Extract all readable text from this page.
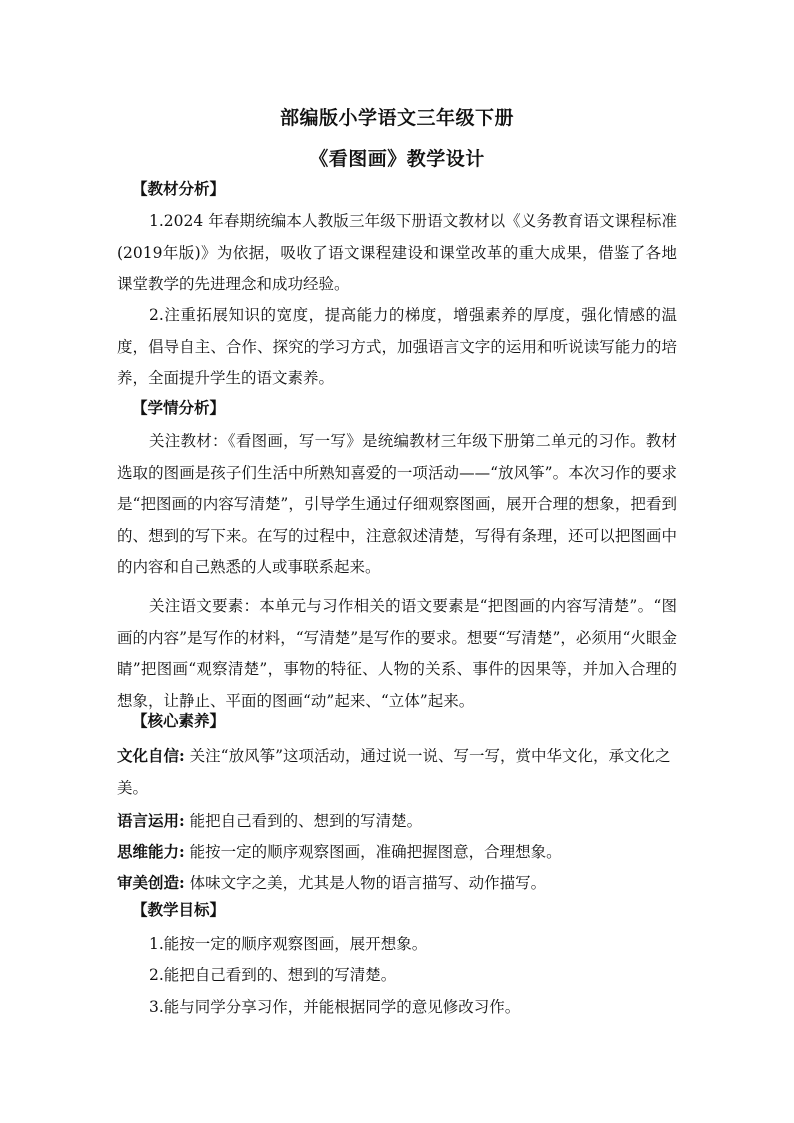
部编版小学语文三年级下册
《看图画》教学设计
【教材分析】
1.2024 年春期统编本人教版三年级下册语文教材以《义务教育语文课程标准(2019年版)》为依据，吸收了语文课程建设和课堂改革的重大成果，借鉴了各地课堂教学的先进理念和成功经验。
2.注重拓展知识的宽度，提高能力的梯度，增强素养的厚度，强化情感的温度，倡导自主、合作、探究的学习方式，加强语言文字的运用和听说读写能力的培养，全面提升学生的语文素养。
【学情分析】
关注教材：《看图画，写一写》是统编教材三年级下册第二单元的习作。教材选取的图画是孩子们生活中所熟知喜爱的一项活动——“放风筝”。本次习作的要求是“把图画的内容写清楚”，引导学生通过仔细观察图画，展开合理的想象，把看到的、想到的写下来。在写的过程中，注意叙述清楚，写得有条理，还可以把图画中的内容和自己熟悉的人或事联系起来。
关注语文要素：本单元与习作相关的语文要素是“把图画的内容写清楚”。“图画的内容”是写作的材料，“写清楚”是写作的要求。想要“写清楚”，必须用“火眼金睛”把图画“观察清楚”，事物的特征、人物的关系、事件的因果等，并加入合理的想象，让静止、平面的图画“动”起来、“立体”起来。
【核心素养】
文化自信: 关注“放风筝”这项活动，通过说一说、写一写，赏中华文化，承文化之美。
语言运用: 能把自己看到的、想到的写清楚。
思维能力: 能按一定的顺序观察图画，准确把握图意，合理想象。
审美创造: 体味文字之美，尤其是人物的语言描写、动作描写。
【教学目标】
1.能按一定的顺序观察图画，展开想象。
2.能把自己看到的、想到的写清楚。
3.能与同学分享习作，并能根据同学的意见修改习作。
